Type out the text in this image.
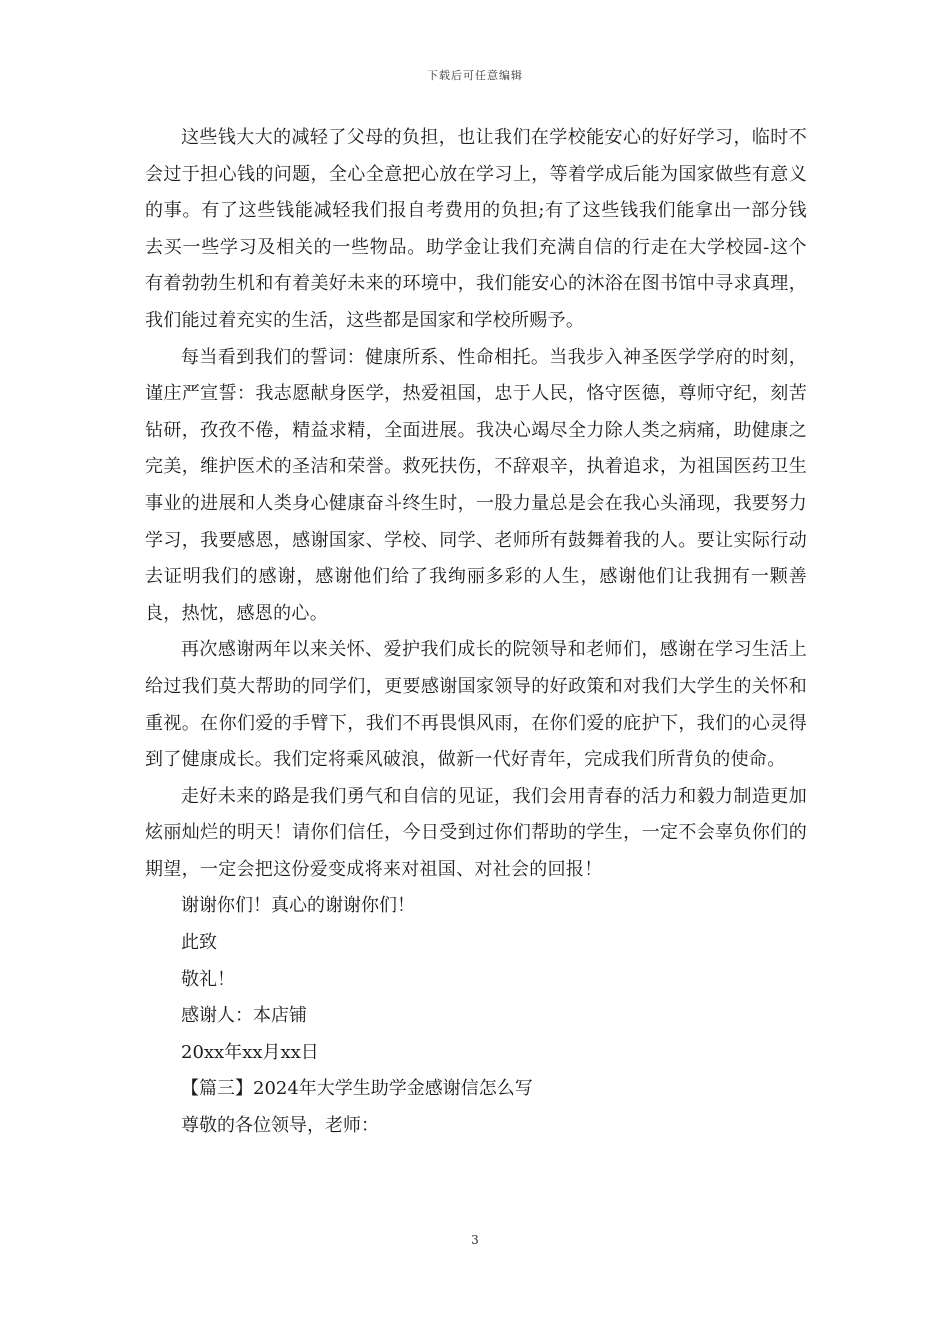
下载后可任意编辑

这些钱大大的减轻了父母的负担，也让我们在学校能安心的好好学习，临时不会过于担心钱的问题，全心全意把心放在学习上，等着学成后能为国家做些有意义的事。有了这些钱能减轻我们报自考费用的负担;有了这些钱我们能拿出一部分钱去买一些学习及相关的一些物品。助学金让我们充满自信的行走在大学校园-这个有着勃勃生机和有着美好未来的环境中，我们能安心的沐浴在图书馆中寻求真理，我们能过着充实的生活，这些都是国家和学校所赐予。

每当看到我们的誓词：健康所系、性命相托。当我步入神圣医学学府的时刻，谨庄严宣誓：我志愿献身医学，热爱祖国，忠于人民，恪守医德，尊师守纪，刻苦钻研，孜孜不倦，精益求精，全面进展。我决心竭尽全力除人类之病痛，助健康之完美，维护医术的圣洁和荣誉。救死扶伤，不辞艰辛，执着追求，为祖国医药卫生事业的进展和人类身心健康奋斗终生时，一股力量总是会在我心头涌现，我要努力学习，我要感恩，感谢国家、学校、同学、老师所有鼓舞着我的人。要让实际行动去证明我们的感谢，感谢他们给了我绚丽多彩的人生，感谢他们让我拥有一颗善良，热忱，感恩的心。

再次感谢两年以来关怀、爱护我们成长的院领导和老师们，感谢在学习生活上给过我们莫大帮助的同学们，更要感谢国家领导的好政策和对我们大学生的关怀和重视。在你们爱的手臂下，我们不再畏惧风雨，在你们爱的庇护下，我们的心灵得到了健康成长。我们定将乘风破浪，做新一代好青年，完成我们所背负的使命。

走好未来的路是我们勇气和自信的见证，我们会用青春的活力和毅力制造更加炫丽灿烂的明天！请你们信任，今日受到过你们帮助的学生，一定不会辜负你们的期望，一定会把这份爱变成将来对祖国、对社会的回报！

谢谢你们！真心的谢谢你们！

此致

敬礼！

感谢人：本店铺

20xx年xx月xx日

【篇三】2024年大学生助学金感谢信怎么写

尊敬的各位领导，老师：

3
